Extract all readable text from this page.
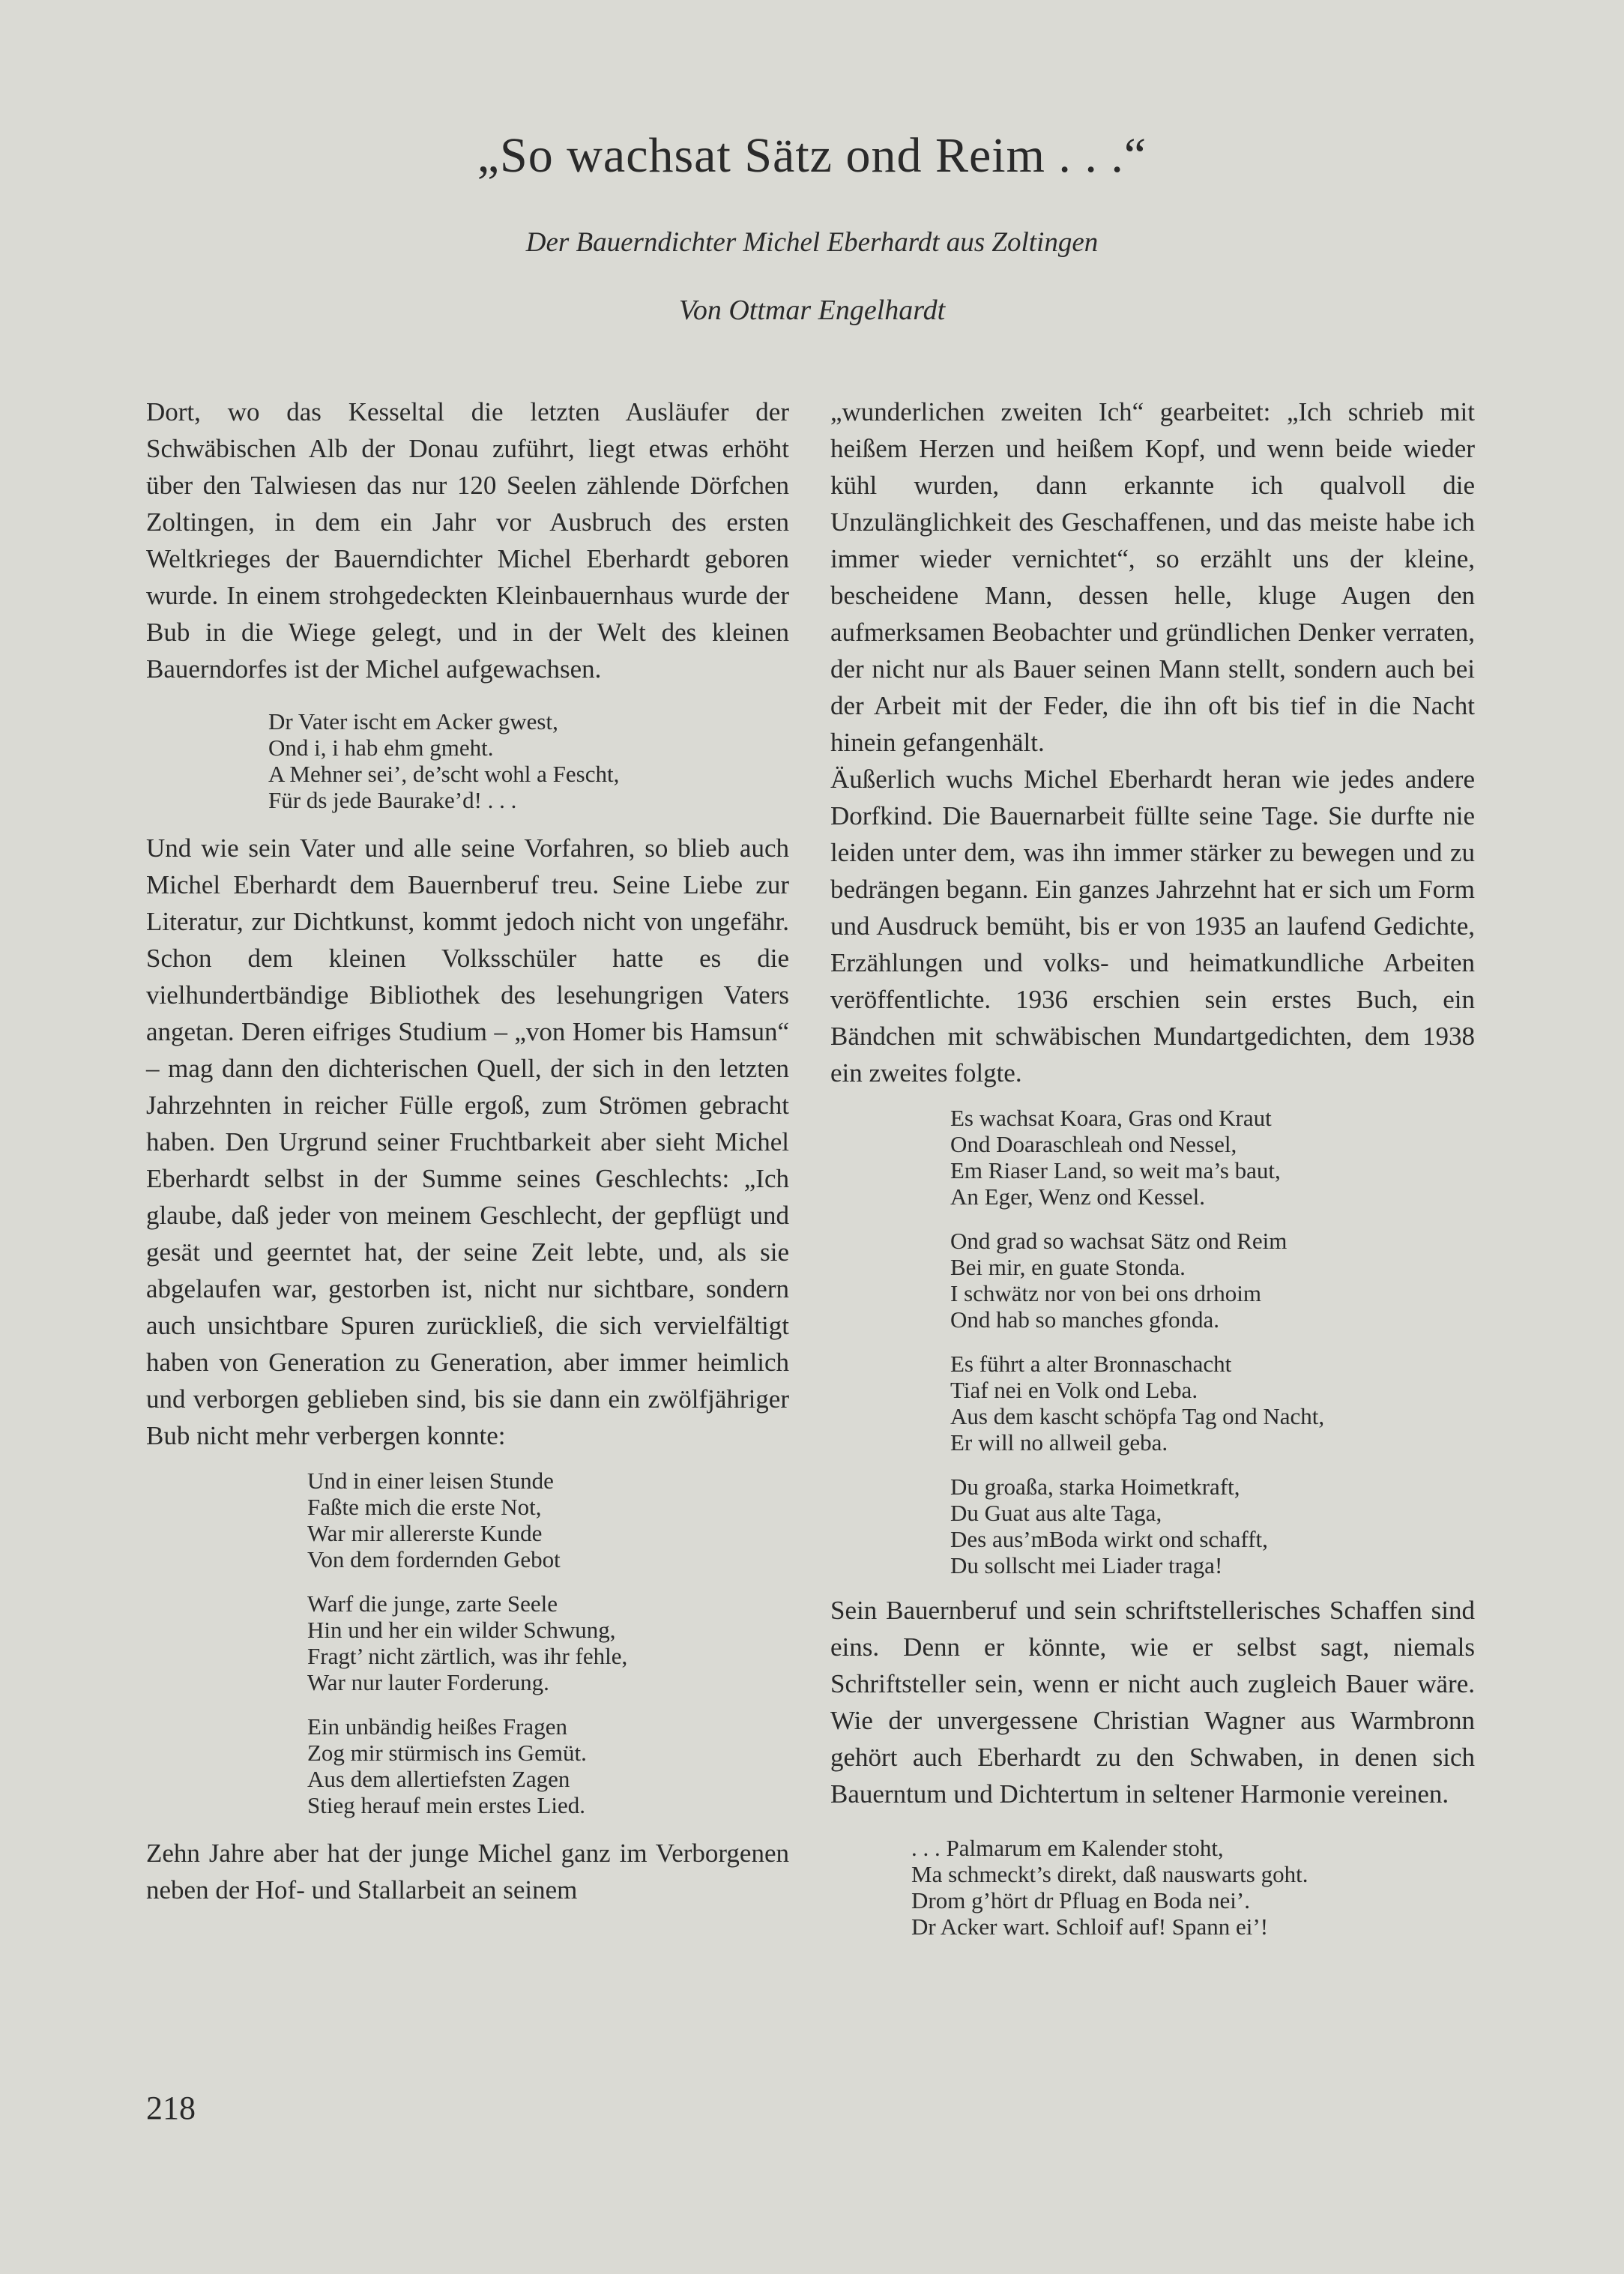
„So wachsat Sätz ond Reim . . .“
Der Bauerndichter Michel Eberhardt aus Zoltingen
Von Ottmar Engelhardt

Dort, wo das Kesseltal die letzten Ausläufer der Schwäbischen Alb der Donau zuführt, liegt etwas erhöht über den Talwiesen das nur 120 Seelen zählende Dörfchen Zoltingen, in dem ein Jahr vor Ausbruch des ersten Weltkrieges der Bauerndichter Michel Eberhardt geboren wurde. In einem strohgedeckten Kleinbauernhaus wurde der Bub in die Wiege gelegt, und in der Welt des kleinen Bauerndorfes ist der Michel aufgewachsen.

Dr Vater ischt em Acker gwest,
Ond i, i hab ehm gmeht.
A Mehner sei’, de’scht wohl a Fescht,
Für ds jede Baurake’d! . . .

Und wie sein Vater und alle seine Vorfahren, so blieb auch Michel Eberhardt dem Bauernberuf treu. Seine Liebe zur Literatur, zur Dichtkunst, kommt jedoch nicht von ungefähr. Schon dem kleinen Volksschüler hatte es die vielhundertbändige Bibliothek des lesehungrigen Vaters angetan. Deren eifriges Studium – „von Homer bis Hamsun“ – mag dann den dichterischen Quell, der sich in den letzten Jahrzehnten in reicher Fülle ergoß, zum Strömen gebracht haben. Den Urgrund seiner Fruchtbarkeit aber sieht Michel Eberhardt selbst in der Summe seines Geschlechts: „Ich glaube, daß jeder von meinem Geschlecht, der gepflügt und gesät und geerntet hat, der seine Zeit lebte, und, als sie abgelaufen war, gestorben ist, nicht nur sichtbare, sondern auch unsichtbare Spuren zurückließ, die sich vervielfältigt haben von Generation zu Generation, aber immer heimlich und verborgen geblieben sind, bis sie dann ein zwölfjähriger Bub nicht mehr verbergen konnte:

Und in einer leisen Stunde
Faßte mich die erste Not,
War mir allererste Kunde
Von dem fordernden Gebot

Warf die junge, zarte Seele
Hin und her ein wilder Schwung,
Fragt’ nicht zärtlich, was ihr fehle,
War nur lauter Forderung.

Ein unbändig heißes Fragen
Zog mir stürmisch ins Gemüt.
Aus dem allertiefsten Zagen
Stieg herauf mein erstes Lied.

Zehn Jahre aber hat der junge Michel ganz im Verborgenen neben der Hof- und Stallarbeit an seinem

„wunderlichen zweiten Ich“ gearbeitet: „Ich schrieb mit heißem Herzen und heißem Kopf, und wenn beide wieder kühl wurden, dann erkannte ich qualvoll die Unzulänglichkeit des Geschaffenen, und das meiste habe ich immer wieder vernichtet“, so erzählt uns der kleine, bescheidene Mann, dessen helle, kluge Augen den aufmerksamen Beobachter und gründlichen Denker verraten, der nicht nur als Bauer seinen Mann stellt, sondern auch bei der Arbeit mit der Feder, die ihn oft bis tief in die Nacht hinein gefangenhält.

Äußerlich wuchs Michel Eberhardt heran wie jedes andere Dorfkind. Die Bauernarbeit füllte seine Tage. Sie durfte nie leiden unter dem, was ihn immer stärker zu bewegen und zu bedrängen begann. Ein ganzes Jahrzehnt hat er sich um Form und Ausdruck bemüht, bis er von 1935 an laufend Gedichte, Erzählungen und volks- und heimatkundliche Arbeiten veröffentlichte. 1936 erschien sein erstes Buch, ein Bändchen mit schwäbischen Mundartgedichten, dem 1938 ein zweites folgte.

Es wachsat Koara, Gras ond Kraut
Ond Doaraschleah ond Nessel,
Em Riaser Land, so weit ma’s baut,
An Eger, Wenz ond Kessel.

Ond grad so wachsat Sätz ond Reim
Bei mir, en guate Stonda.
I schwätz nor von bei ons drhoim
Ond hab so manches gfonda.

Es führt a alter Bronnaschacht
Tiaf nei en Volk ond Leba.
Aus dem kascht schöpfa Tag ond Nacht,
Er will no allweil geba.

Du groaßa, starka Hoimetkraft,
Du Guat aus alte Taga,
Des aus’mBoda wirkt ond schafft,
Du sollscht mei Liader traga!

Sein Bauernberuf und sein schriftstellerisches Schaffen sind eins. Denn er könnte, wie er selbst sagt, niemals Schriftsteller sein, wenn er nicht auch zugleich Bauer wäre. Wie der unvergessene Christian Wagner aus Warmbronn gehört auch Eberhardt zu den Schwaben, in denen sich Bauerntum und Dichtertum in seltener Harmonie vereinen.

. . . Palmarum em Kalender stoht,
Ma schmeckt’s direkt, daß nauswarts goht.
Drom g’hört dr Pfluag en Boda nei’.
Dr Acker wart. Schloif auf! Spann ei’!

218
